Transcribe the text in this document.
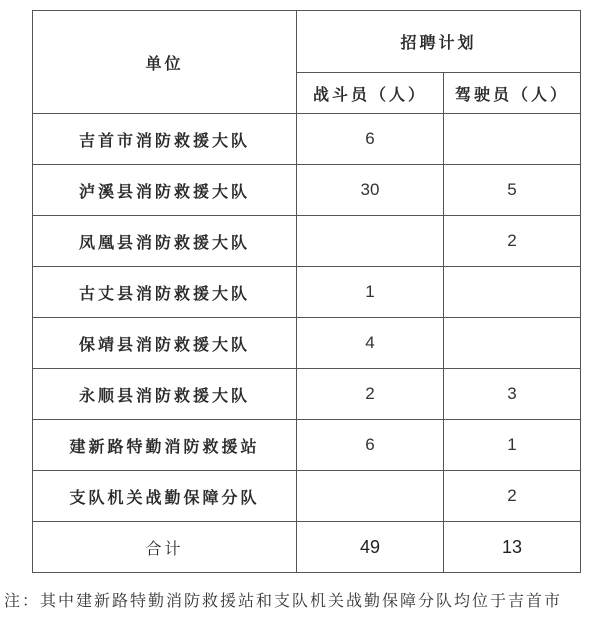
单位	招聘计划	
	战斗员（人）	驾驶员（人）
吉首市消防救援大队	6	
泸溪县消防救援大队	30	5
凤凰县消防救援大队		2
古丈县消防救援大队	1	
保靖县消防救援大队	4	
永顺县消防救援大队	2	3
建新路特勤消防救援站	6	1
支队机关战勤保障分队		2
合计	49	13
注：其中建新路特勤消防救援站和支队机关战勤保障分队均位于吉首市
